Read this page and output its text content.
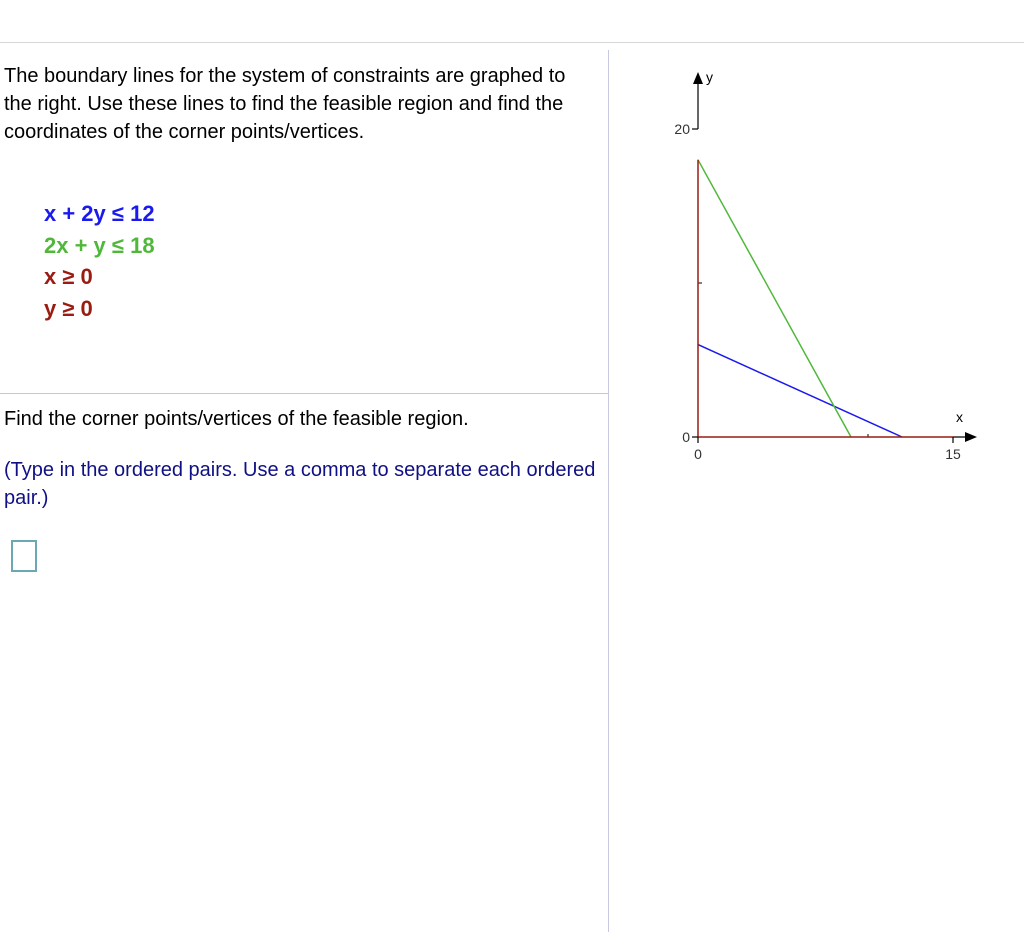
The boundary lines for the system of constraints are graphed to the right. Use these lines to find the feasible region and find the coordinates of the corner points/vertices.

x + 2y ≤ 12
2x + y ≤ 18
x ≥ 0
y ≥ 0

Find the corner points/vertices of the feasible region.

(Type in the ordered pairs. Use a comma to separate each ordered pair.)

20
0
0	15
y
x
